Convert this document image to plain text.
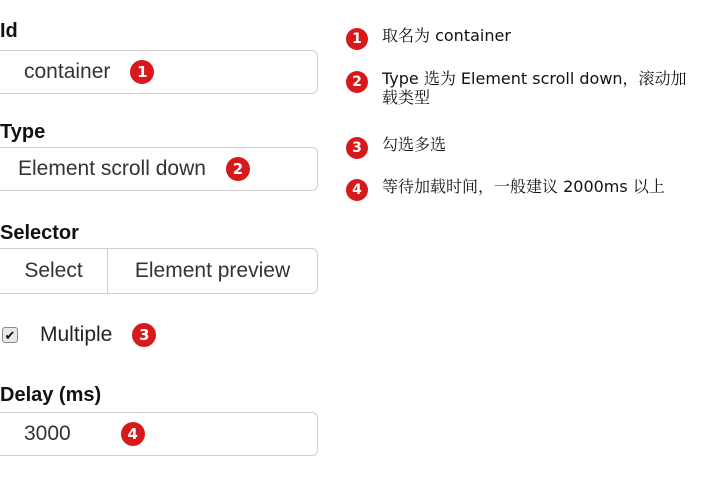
Id
container	1
Type
Element scroll down	2
Selector
Select	Element preview
✔ Multiple	3
Delay (ms)
3000	4
1	取名为 container
2	Type 选为 Element scroll down，滚动加载类型
3	勾选多选
4	等待加载时间，一般建议 2000ms 以上
